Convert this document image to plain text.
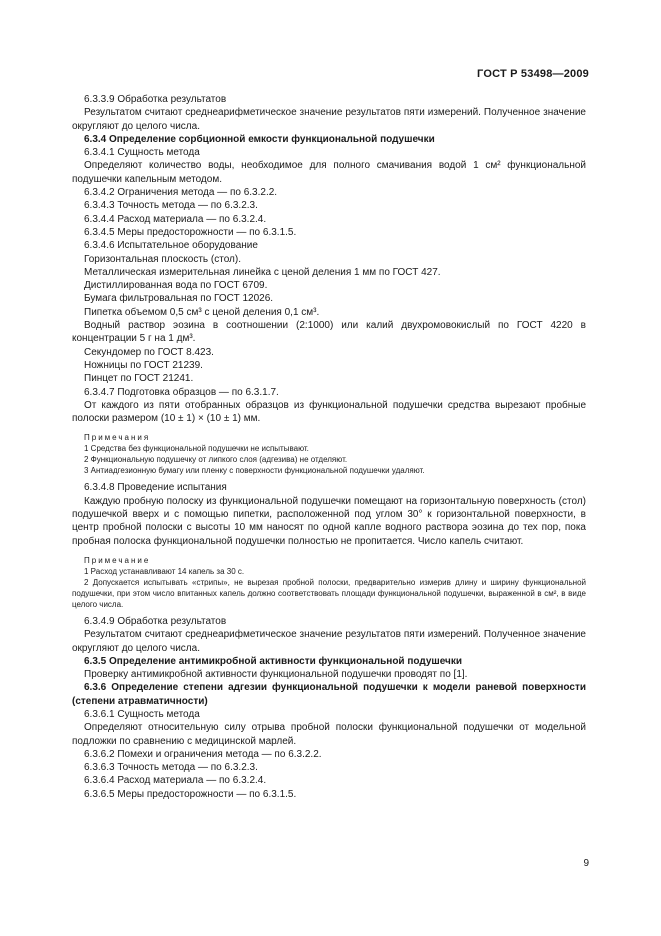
ГОСТ Р 53498—2009

6.3.3.9 Обработка результатов

Результатом считают среднеарифметическое значение результатов пяти измерений. Полученное значение округляют до целого числа.

6.3.4 Определение сорбционной емкости функциональной подушечки

6.3.4.1 Сущность метода

Определяют количество воды, необходимое для полного смачивания водой 1 см² функциональной подушечки капельным методом.

6.3.4.2 Ограничения метода — по 6.3.2.2.

6.3.4.3 Точность метода — по 6.3.2.3.

6.3.4.4 Расход материала — по 6.3.2.4.

6.3.4.5 Меры предосторожности — по 6.3.1.5.

6.3.4.6 Испытательное оборудование

Горизонтальная плоскость (стол).

Металлическая измерительная линейка с ценой деления 1 мм по ГОСТ 427.

Дистиллированная вода по ГОСТ 6709.

Бумага фильтровальная по ГОСТ 12026.

Пипетка объемом 0,5 см³ с ценой деления 0,1 см³.

Водный раствор эозина в соотношении (2:1000) или калий двухромовокислый по ГОСТ 4220 в концентрации 5 г на 1 дм³.

Секундомер по ГОСТ 8.423.

Ножницы по ГОСТ 21239.

Пинцет по ГОСТ 21241.

6.3.4.7 Подготовка образцов — по 6.3.1.7.

От каждого из пяти отобранных образцов из функциональной подушечки средства вырезают пробные полоски размером (10 ± 1) × (10 ± 1) мм.

Примечания

1 Средства без функциональной подушечки не испытывают.

2 Функциональную подушечку от липкого слоя (адгезива) не отделяют.

3 Антиадгезионную бумагу или пленку с поверхности функциональной подушечки удаляют.

6.3.4.8 Проведение испытания

Каждую пробную полоску из функциональной подушечки помещают на горизонтальную поверхность (стол) подушечкой вверх и с помощью пипетки, расположенной под углом 30° к горизонтальной поверхности, в центр пробной полоски с высоты 10 мм наносят по одной капле водного раствора эозина до тех пор, пока пробная полоска функциональной подушечки полностью не пропитается. Число капель считают.

Примечание

1 Расход устанавливают 14 капель за 30 с.

2 Допускается испытывать «стрипы», не вырезая пробной полоски, предварительно измерив длину и ширину функциональной подушечки, при этом число впитанных капель должно соответствовать площади функциональной подушечки, выраженной в см², в виде целого числа.

6.3.4.9 Обработка результатов

Результатом считают среднеарифметическое значение результатов пяти измерений. Полученное значение округляют до целого числа.

6.3.5 Определение антимикробной активности функциональной подушечки

Проверку антимикробной активности функциональной подушечки проводят по [1].

6.3.6 Определение степени адгезии функциональной подушечки к модели раневой поверхности (степени атравматичности)

6.3.6.1 Сущность метода

Определяют относительную силу отрыва пробной полоски функциональной подушечки от модельной подложки по сравнению с медицинской марлей.

6.3.6.2 Помехи и ограничения метода — по 6.3.2.2.

6.3.6.3 Точность метода — по 6.3.2.3.

6.3.6.4 Расход материала — по 6.3.2.4.

6.3.6.5 Меры предосторожности — по 6.3.1.5.

9
